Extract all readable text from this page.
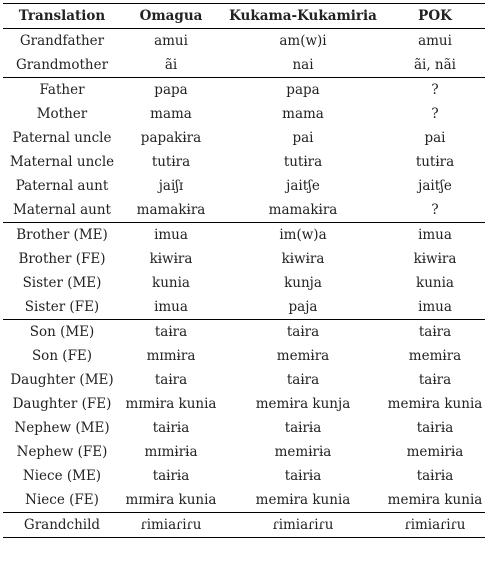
Translation	Omagua	Kukama-Kukamiria	POK
Grandfather	amui	am(w)i	amui
Grandmother	ãi	nai	ãi, nãi
Father	papa	papa	?
Mother	mama	mama	?
Paternal uncle	papakɨra	pai	pai
Maternal uncle	tutɨra	tutɨra	tutɨra
Paternal aunt	jaiʃɪ	jaitʃe	jaitʃe
Maternal aunt	mamakɨra	mamakɨra	?
Brother (ME)	imua	im(w)a	imua
Brother (FE)	kɨwɨra	kɨwɨra	kɨwɨra
Sister (ME)	kunia	kunja	kunia
Sister (FE)	imua	paja	imua
Son (ME)	taɨra	taɨra	taɨra
Son (FE)	mɪmɨra	memɨra	memɨra
Daughter (ME)	taɨra	taɨra	taɨra
Daughter (FE)	mɪmɨra kunia	memɨra kunja	memɨra kunia
Nephew (ME)	taɨrɨa	taɨrɨa	taɨrɨa
Nephew (FE)	mɪmɨrɨa	memɨrɨa	memɨrɨa
Niece (ME)	taɨrɨa	taɨrɨa	taɨrɨa
Niece (FE)	mɪmɨra kunia	memɨra kunia	memɨra kunia
Grandchild	ɾimiaɾiɾu	ɾimiaɾiɾu	ɾimiaɾiɾu
